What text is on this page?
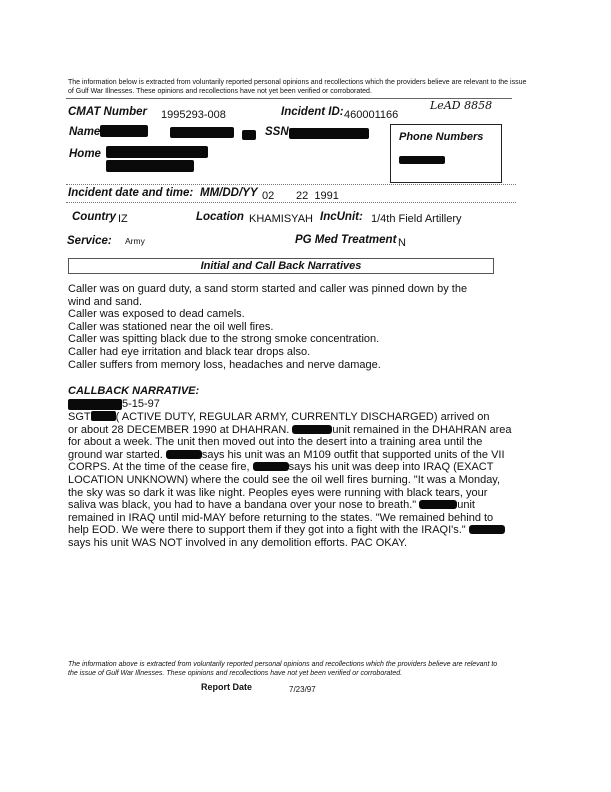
The information below is extracted from voluntarily reported personal opinions and recollections which the providers believe are relevant to the issue
of Gulf War Illnesses. These opinions and recollections have not yet been verified or corroborated.
LeAD 8858
CMAT Number 1995293-008	Incident ID: 460001166
Name	SSN	Phone Numbers
Home
Incident date and time: MM/DD/YY 02 22  1991
Country IZ	Location KHAMISYAH IncUnit: 1/4th Field Artillery
Service: Army	PG Med Treatment N
Initial and Call Back Narratives
Caller was on guard duty, a sand storm started and caller was pinned down by the
wind and sand.
Caller was exposed to dead camels.
Caller was stationed near the oil well fires.
Caller was spitting black due to the strong smoke concentration.
Caller had eye irritation and black tear drops also.
Caller suffers from memory loss, headaches and nerve damage.
CALLBACK NARRATIVE:
5-15-97
SGT ( ACTIVE DUTY, REGULAR ARMY, CURRENTLY DISCHARGED) arrived on
or about 28 DECEMBER 1990 at DHAHRAN.	unit remained in the DHAHRAN area
for about a week. The unit then moved out into the desert into a training area until the
ground war started.	says his unit was an M109 outfit that supported units of the VII
CORPS. At the time of the cease fire,	says his unit was deep into IRAQ (EXACT
LOCATION UNKNOWN) where the could see the oil well fires burning. "It was a Monday,
the sky was so dark it was like night. Peoples eyes were running with black tears, your
saliva was black, you had to have a bandana over your nose to breath."	unit
remained in IRAQ until mid-MAY before returning to the states. "We remained behind to
help EOD. We were there to support them if they got into a fight with the IRAQI's."
says his unit WAS NOT involved in any demolition efforts. PAC OKAY.
The information above is extracted from voluntarily reported personal opinions and recollections which the providers believe are relevant to
the issue of Gulf War Illnesses. These opinions and recollections have not yet been verified or corroborated.
Report Date	7/23/97
